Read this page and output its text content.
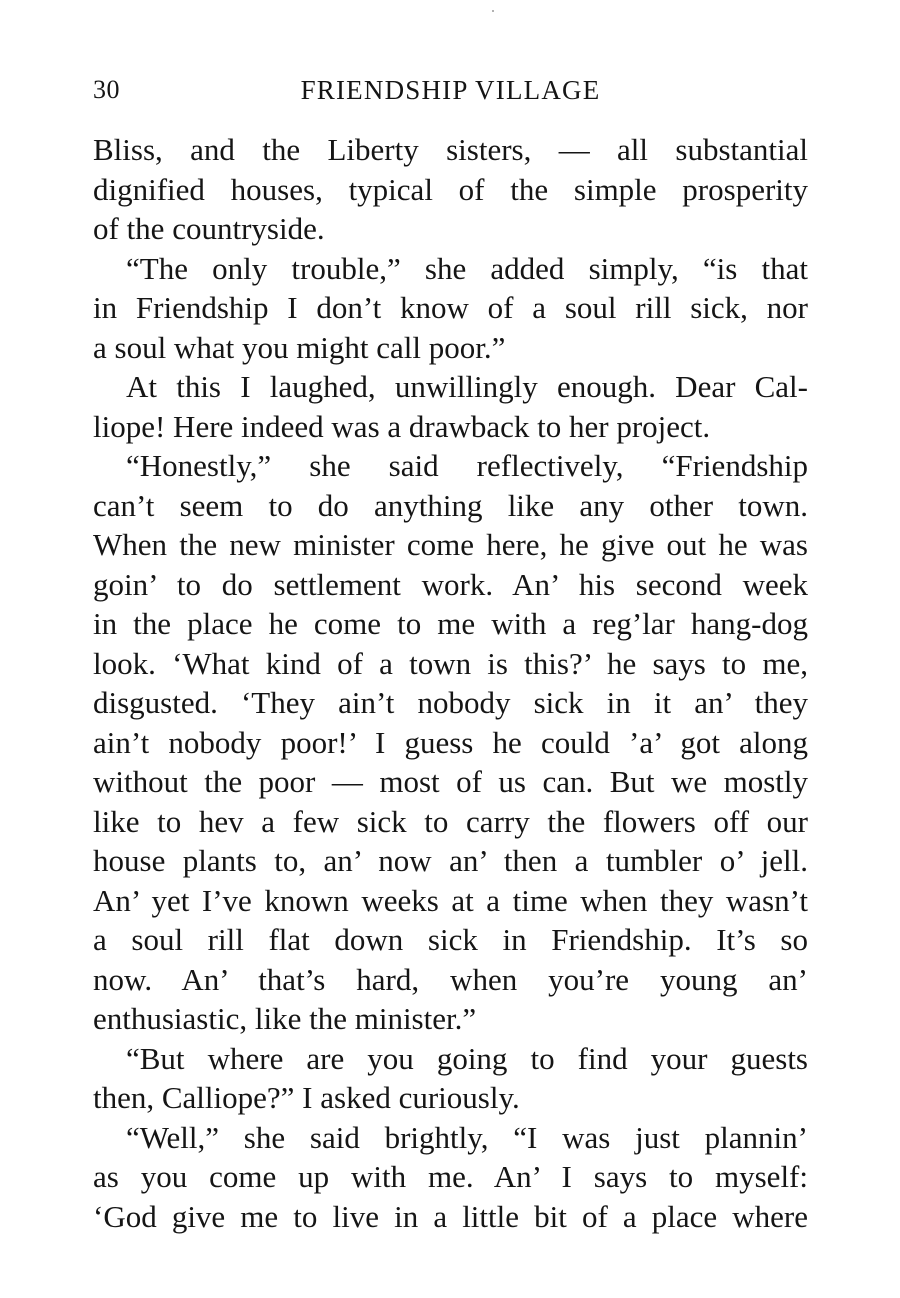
30	FRIENDSHIP VILLAGE
Bliss, and the Liberty sisters, — all substantial
dignified houses, typical of the simple prosperity
of the countryside.
“The only trouble,” she added simply, “is that
in Friendship I don’t know of a soul rill sick, nor
a soul what you might call poor.”
At this I laughed, unwillingly enough. Dear Cal-
liope! Here indeed was a drawback to her project.
“Honestly,” she said reflectively, “Friendship
can’t seem to do anything like any other town.
When the new minister come here, he give out he was
goin’ to do settlement work. An’ his second week
in the place he come to me with a reg’lar hang-dog
look. ‘What kind of a town is this?’ he says to me,
disgusted. ‘They ain’t nobody sick in it an’ they
ain’t nobody poor!’ I guess he could ’a’ got along
without the poor — most of us can. But we mostly
like to hev a few sick to carry the flowers off our
house plants to, an’ now an’ then a tumbler o’ jell.
An’ yet I’ve known weeks at a time when they wasn’t
a soul rill flat down sick in Friendship. It’s so
now. An’ that’s hard, when you’re young an’
enthusiastic, like the minister.”
“But where are you going to find your guests
then, Calliope?” I asked curiously.
“Well,” she said brightly, “I was just plannin’
as you come up with me. An’ I says to myself:
‘God give me to live in a little bit of a place where
